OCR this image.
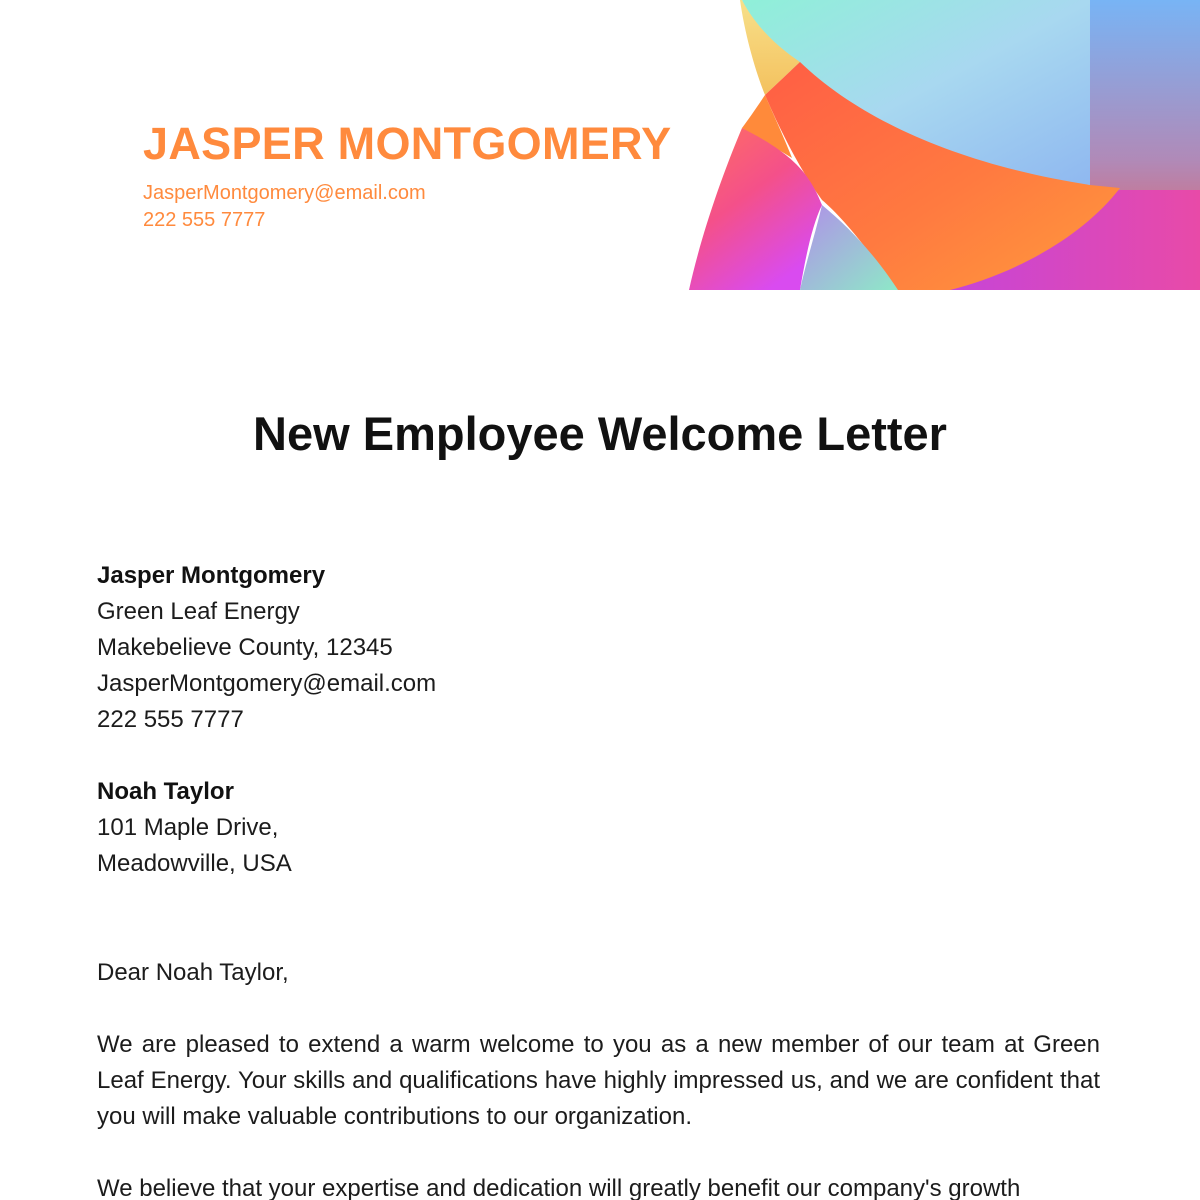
JASPER MONTGOMERY
JasperMontgomery@email.com
222 555 7777
New Employee Welcome Letter
Jasper Montgomery
Green Leaf Energy
Makebelieve County, 12345
JasperMontgomery@email.com
222 555 7777
Noah Taylor
101 Maple Drive,
Meadowville, USA
Dear Noah Taylor,

We are pleased to extend a warm welcome to you as a new member of our team at Green Leaf Energy. Your skills and qualifications have highly impressed us, and we are confident that you will make valuable contributions to our organization.

We believe that your expertise and dedication will greatly benefit our company's growth
